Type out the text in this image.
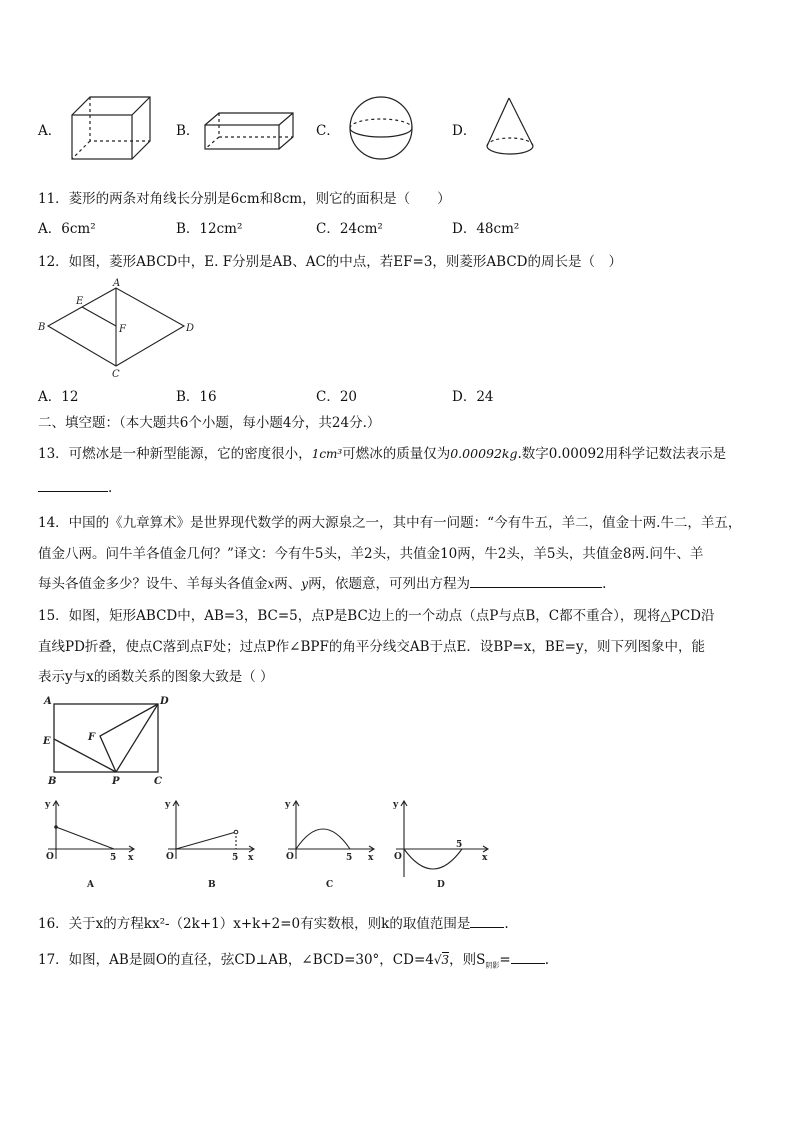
A．	B．	C．	D．
11．菱形的两条对角线长分别是6cm和8cm，则它的面积是（　　）
A．6cm²	B．12cm²	C．24cm²	D．48cm²
12．如图，菱形ABCD中，E. F分别是AB、AC的中点，若EF=3，则菱形ABCD的周长是（　）
A
B
C
D
E
F
A．12	B．16	C．20	D．24
二、填空题：（本大题共6个小题，每小题4分，共24分.）
13．可燃冰是一种新型能源，它的密度很小，1cm³可燃冰的质量仅为0.00092kg.数字0.00092用科学记数法表示是
.
14．中国的《九章算术》是世界现代数学的两大源泉之一，其中有一问题：“今有牛五，羊二，值金十两.牛二，羊五，
值金八两。问牛羊各值金几何？”译文：今有牛5头，羊2头，共值金10两，牛2头，羊5头，共值金8两.问牛、羊
每头各值金多少？设牛、羊每头各值金x两、y两，依题意，可列出方程为	.
15．如图，矩形ABCD中，AB=3，BC=5，点P是BC边上的一个动点（点P与点B，C都不重合），现将△PCD沿
直线PD折叠，使点C落到点F处；过点P作∠BPF的角平分线交AB于点E．设BP=x，BE=y，则下列图象中，能
表示y与x的函数关系的图象大致是（ ）
A	D
E	F
B	P	C
y
O	5 x
A
y
O	5 x
B
y
O	5 x
C
y
O
5
x
D
16．关于x的方程kx²-（2k+1）x+k+2=0有实数根，则k的取值范围是	.
17．如图，AB是圆O的直径，弦CD⊥AB，∠BCD=30°，CD=4√3，则$S_{阴影}=$	.
